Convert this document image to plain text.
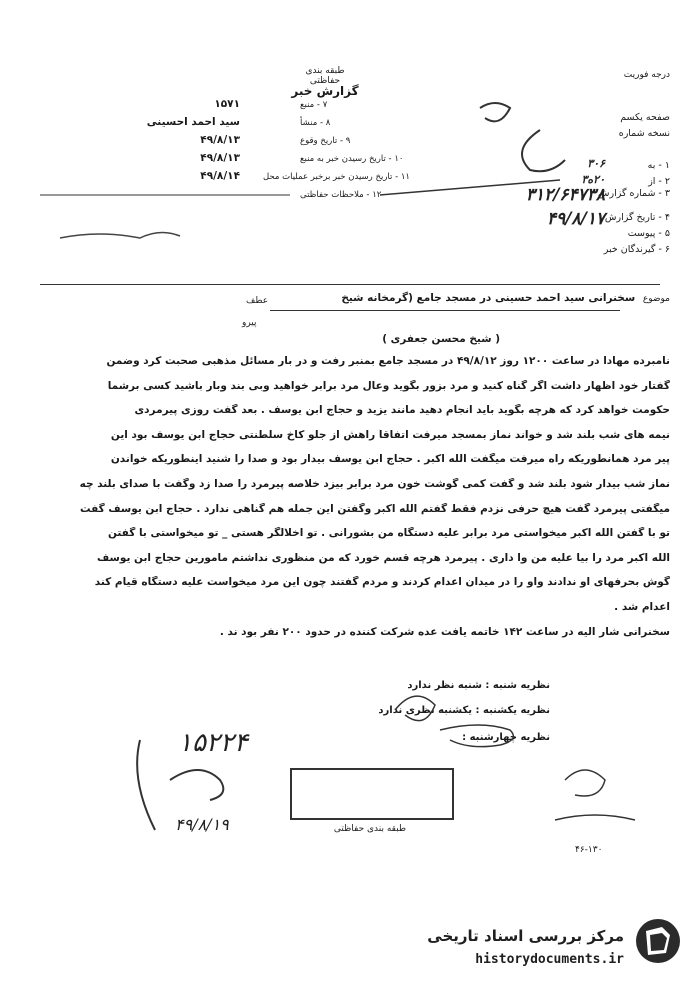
طبقه بندی حفاظتی
گزارش خبر
درجه فوریت
صفحه یکسم
نسخه شماره
۱ - به
۳۰۶
۲ - از
۲۰ه۳
۳ - شماره گزارش
۳۱۲/۶۴۷۳۸
۴ - تاریخ گزارش
۴۹/۸/۱۷
۵ - پیوست
۶ - گیرندگان خبر
۷ - منبع
۱۵۷۱
۸ - منشأ
سید احمد احسینی
۹ - تاریخ وقوع
۴۹/۸/۱۳
۱۰ - تاریخ رسیدن خبر به منبع
۴۹/۸/۱۳
۱۱ - تاریخ رسیدن خبر برخبر عملیات محل
۴۹/۸/۱۴
۱۲ - ملاحظات حفاظتی
موضوع سخنرانی سید احمد حسینی در مسجد جامع (گرمخانه شیخ
عطف
پیرو
( شیخ محسن جعفری )
نامبرده مهادا در ساعت ۱۲۰۰ روز ۴۹/۸/۱۲ در مسجد جامع بمنبر رفت و در بار مسائل مذهبی صحبت کرد وضمن
گفتار خود اظهار داشت اگر گناه کنید و مرد بزور بگوید وعال مرد برابر خواهید وبی بند وبار باشید کسی برشما
حکومت خواهد کرد که هرچه بگوید باید انجام دهید مانند یزید و حجاج ابن یوسف . بعد گفت روزی پیرمردی
نیمه های شب بلند شد و خواند نماز بمسجد میرفت اتفاقاً راهش از جلو کاخ سلطنتی حجاج ابن یوسف بود این
پیر مرد همانطوریکه راه میرفت میگفت الله اکبر . حجاج ابن یوسف بیدار بود و صدا را شنید اینطوریکه خواندن
نماز شب بیدار شود بلند شد و گفت کمی گوشت خون مرد برابر بیزد خلاصه پیرمرد را صدا زد وگفت با صدای بلند چه
میگفتی پیرمرد گفت هیچ حرفی نزدم فقط گفتم الله اکبر وگفتن این جمله هم گناهی ندارد . حجاج ابن یوسف گفت
تو با گفتن الله اکبر میخواستی مرد برابر علیه دستگاه من بشورانی . تو اخلالگر هستی _ تو میخواستی با گفتن
الله اکبر مرد را بیا علیه من وا داری . پیرمرد هرچه قسم خورد که من منظوری نداشتم مامورین حجاج ابن یوسف
گوش بحرفهای او ندادند واو را در میدان اعدام کردند و مردم گفتند چون این مرد میخواست علیه دستگاه قیام کند
اعدام شد .
سخنرانی شار الیه در ساعت ۱۴۲ خاتمه یافت عده شرکت کننده در حدود ۲۰۰ نفر بود ند .
نظریه شنبه : شنبه نظر ندارد
نظریه یکشنبه : یکشنبه نظری ندارد
نظریه چهارشنبه :
۱۵۲۲۴
۴۹/۸/۱۹
۴۶-۱۳۰
طبقه بندی حفاظتی
مرکز بررسی اسناد تاریخی
historydocuments.ir
